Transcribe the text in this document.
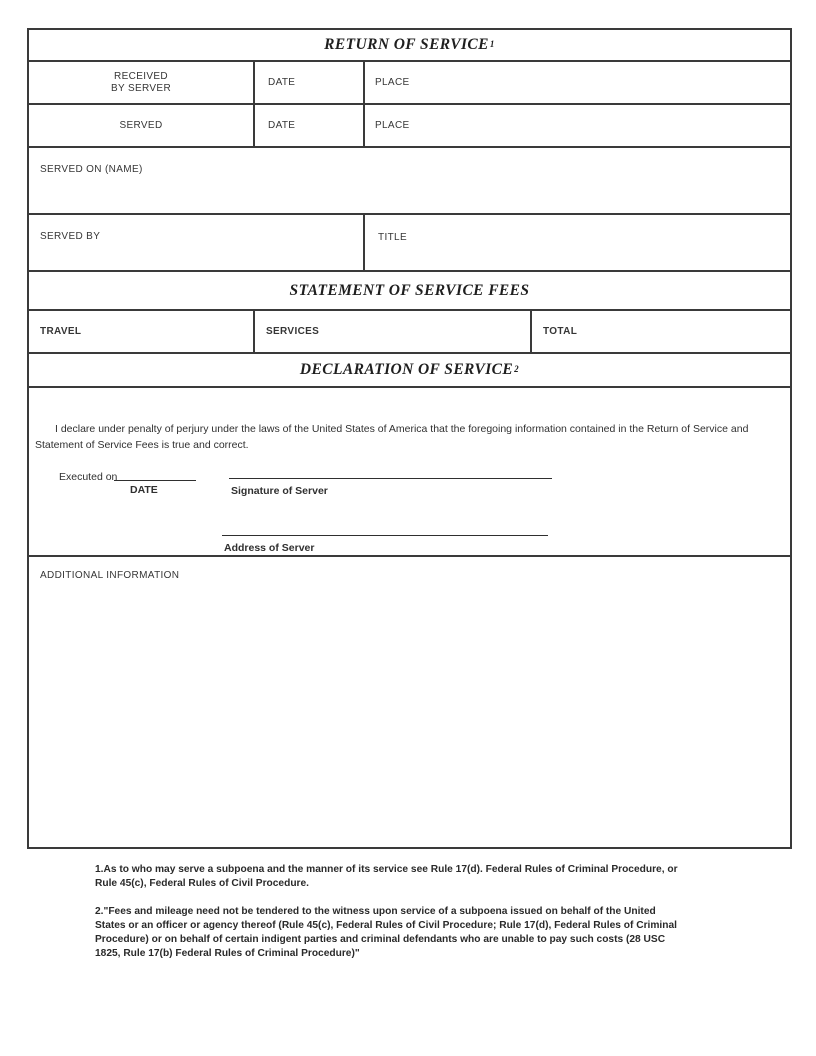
RETURN OF SERVICE 1
RECEIVED
BY SERVER	DATE	PLACE
SERVED	DATE	PLACE
SERVED ON (NAME)
SERVED BY	TITLE
STATEMENT OF SERVICE FEES
TRAVEL	SERVICES	TOTAL
DECLARATION OF SERVICE 2
I declare under penalty of perjury under the laws of the United States of America that the foregoing information contained in the Return of Service and
Statement of Service Fees is true and correct.
Executed on
DATE	Signature of Server
Address of Server
ADDITIONAL INFORMATION
1.As to who may serve a subpoena and the manner of its service see Rule 17(d). Federal Rules of Criminal Procedure, or
Rule 45(c), Federal Rules of Civil Procedure.
2."Fees and mileage need not be tendered to the witness upon service of a subpoena issued on behalf of the United
States or an officer or agency thereof (Rule 45(c), Federal Rules of Civil Procedure; Rule 17(d), Federal Rules of Criminal
Procedure) or on behalf of certain indigent parties and criminal defendants who are unable to pay such costs (28 USC
1825, Rule 17(b) Federal Rules of Criminal Procedure)"
